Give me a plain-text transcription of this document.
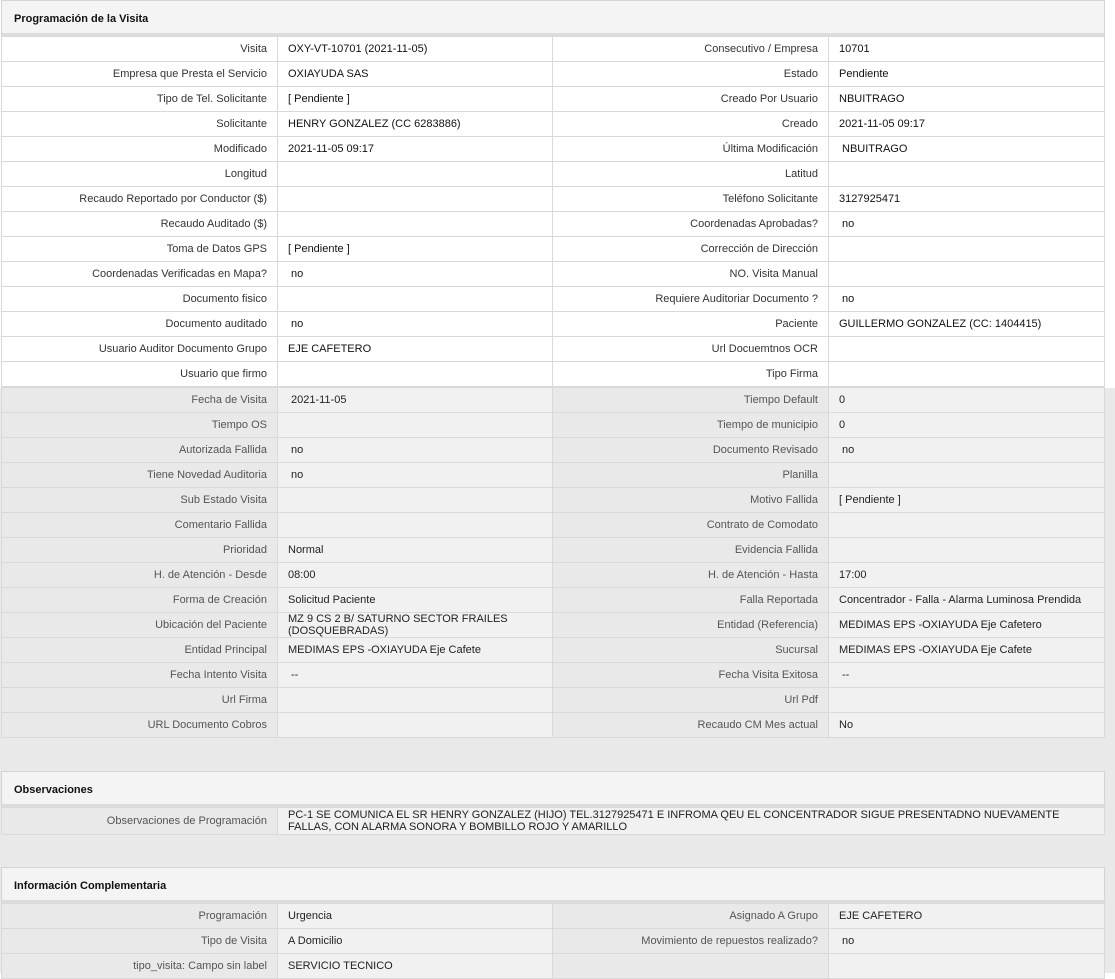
Programación de la Visita
Visita	OXY-VT-10701 (2021-11-05)	Consecutivo / Empresa	10701
Empresa que Presta el Servicio	OXIAYUDA SAS	Estado	Pendiente
Tipo de Tel. Solicitante	[ Pendiente ]	Creado Por Usuario	NBUITRAGO
Solicitante	HENRY GONZALEZ (CC 6283886)	Creado	2021-11-05 09:17
Modificado	2021-11-05 09:17	Última Modificación	NBUITRAGO
Longitud		Latitud	
Recaudo Reportado por Conductor ($)		Teléfono Solicitante	3127925471
Recaudo Auditado ($)		Coordenadas Aprobadas?	no
Toma de Datos GPS	[ Pendiente ]	Corrección de Dirección	
Coordenadas Verificadas en Mapa?	no	NO. Visita Manual	
Documento fisico		Requiere Auditoriar Documento ?	no
Documento auditado	no	Paciente	GUILLERMO GONZALEZ (CC: 1404415)
Usuario Auditor Documento Grupo	EJE CAFETERO	Url Docuemtnos OCR	
Usuario que firmo		Tipo Firma	
Fecha de Visita	2021-11-05	Tiempo Default	0
Tiempo OS		Tiempo de municipio	0
Autorizada Fallida	no	Documento Revisado	no
Tiene Novedad Auditoria	no	Planilla	
Sub Estado Visita		Motivo Fallida	[ Pendiente ]
Comentario Fallida		Contrato de Comodato	
Prioridad	Normal	Evidencia Fallida	
H. de Atención - Desde	08:00	H. de Atención - Hasta	17:00
Forma de Creación	Solicitud Paciente	Falla Reportada	Concentrador - Falla - Alarma Luminosa Prendida
Ubicación del Paciente	MZ 9 CS 2 B/ SATURNO SECTOR FRAILES (DOSQUEBRADAS)	Entidad (Referencia)	MEDIMAS EPS -OXIAYUDA Eje Cafetero
Entidad Principal	MEDIMAS EPS -OXIAYUDA Eje Cafete	Sucursal	MEDIMAS EPS -OXIAYUDA Eje Cafete
Fecha Intento Visita	--	Fecha Visita Exitosa	--
Url Firma		Url Pdf	
URL Documento Cobros		Recaudo CM Mes actual	No
Observaciones
Observaciones de Programación	PC-1 SE COMUNICA EL SR HENRY GONZALEZ (HIJO) TEL.3127925471 E INFROMA QEU EL CONCENTRADOR SIGUE PRESENTADNO NUEVAMENTE FALLAS, CON ALARMA SONORA Y BOMBILLO ROJO Y AMARILLO
Información Complementaria
Programación	Urgencia	Asignado A Grupo	EJE CAFETERO
Tipo de Visita	A Domicilio	Movimiento de repuestos realizado?	no
tipo_visita: Campo sin label	SERVICIO TECNICO		
